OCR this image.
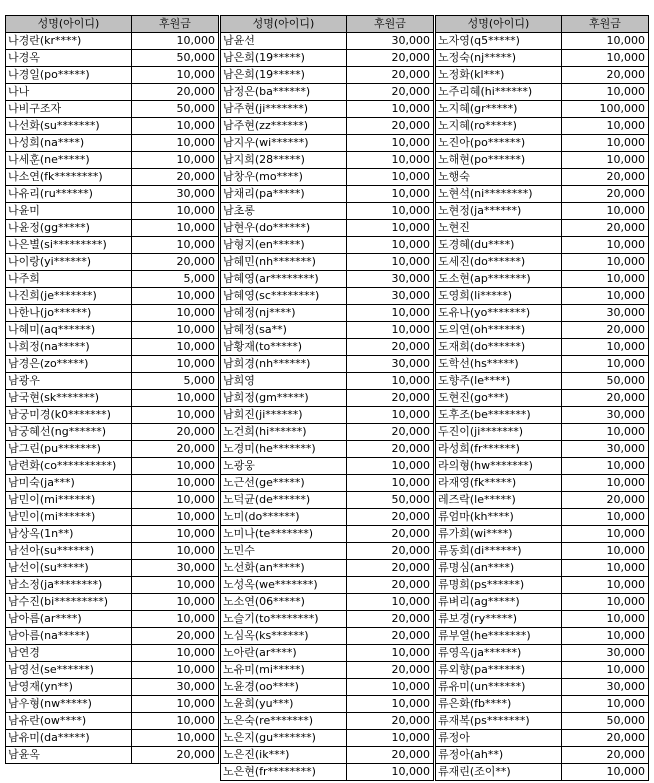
성명(아이디)	후원금
나경란(kr****)	10,000
나경옥	50,000
나경일(po*****)	10,000
나나	20,000
나비구조자	50,000
나선화(su*******)	10,000
나성희(na****)	10,000
나세훈(ne*****)	10,000
나소연(fk********)	20,000
나유리(ru******)	30,000
나윤미	10,000
나윤정(gg*****)	10,000
나은별(si*********)	10,000
나이랑(yi******)	20,000
나주희	5,000
나진희(je*******)	10,000
나한나(jo******)	10,000
나혜미(aq******)	10,000
나희정(na*****)	10,000
남경은(zo*****)	10,000
남광우	5,000
남국현(sk*******)	10,000
남궁미경(k0*******)	10,000
남궁혜선(ng******)	20,000
남그린(pu*******)	20,000
남련화(co**********)	10,000
남미숙(ja***)	10,000
남민이(mi******)	10,000
남민이(mi******)	10,000
남상옥(1n**)	10,000
남선아(su******)	10,000
남선이(su*****)	30,000
남소정(ja********)	10,000
남수진(bi*********)	10,000
남아름(ar****)	10,000
남아름(na*****)	20,000
남연경	10,000
남영선(se******)	10,000
남영재(yn**)	30,000
남우형(nw*****)	10,000
남유란(ow****)	10,000
남유미(da*****)	10,000
남윤옥	20,000
성명(아이디)	후원금
남윤선	30,000
남은희(19*****)	20,000
남은희(19*****)	20,000
남정은(ba******)	20,000
남주현(ji*******)	10,000
남주현(zz******)	20,000
남지우(wi******)	10,000
남지희(28*****)	10,000
남창우(mo****)	10,000
남채리(pa*****)	10,000
남초롱	10,000
남현우(do******)	10,000
남형지(en*****)	10,000
남혜민(nh*******)	10,000
남혜영(ar********)	30,000
남혜영(sc********)	30,000
남혜정(nj****)	10,000
남혜정(sa**)	10,000
남황재(to*****)	20,000
남희경(nh******)	30,000
남희영	10,000
남희정(gm*****)	20,000
남희진(ji******)	10,000
노건희(hi******)	20,000
노경미(he*******)	20,000
노광웅	10,000
노근선(ge*****)	10,000
노덕균(de******)	50,000
노미(do******)	20,000
노미나(te*******)	20,000
노민수	20,000
노선화(an*****)	20,000
노성옥(we*******)	20,000
노소연(06*****)	10,000
노슬기(to********)	20,000
노심옥(ks******)	20,000
노아란(ar****)	10,000
노유미(mi*****)	20,000
노윤경(oo****)	10,000
노윤희(yu***)	10,000
노은숙(re*******)	20,000
노은지(gu*******)	10,000
노은진(ik***)	20,000
노은현(fr********)	10,000
성명(아이디)	후원금
노자영(q5*****)	10,000
노정숙(nj*****)	10,000
노정화(kl***)	20,000
노주리혜(hi******)	10,000
노지혜(gr*****)	100,000
노지혜(ro*****)	10,000
노진아(po******)	10,000
노해현(po******)	10,000
노행숙	20,000
노현석(ni********)	20,000
노현정(ja******)	10,000
노현진	20,000
도경혜(du****)	10,000
도세진(do******)	10,000
도소현(ap*******)	10,000
도영희(li*****)	10,000
도유나(yo*******)	30,000
도의연(oh******)	20,000
도재희(do******)	10,000
도학선(hs*****)	10,000
도향주(le****)	50,000
도현진(go***)	20,000
도후조(be*******)	30,000
두진이(ji*******)	10,000
라성희(fr******)	30,000
라의형(hw*******)	10,000
라재영(fk*****)	10,000
레즈락(le*****)	20,000
류엄마(kh****)	10,000
류가희(wi****)	10,000
류동희(di******)	10,000
류명심(an****)	10,000
류명희(ps******)	10,000
류벼리(ag*****)	10,000
류보경(ry*****)	10,000
류부열(he*******)	10,000
류영옥(ja******)	30,000
류외향(pa******)	10,000
류유미(un******)	30,000
류은화(fb****)	10,000
류재복(ps*******)	50,000
류정아	20,000
류정아(ah**)	20,000
류재린(조이**)	10,000
